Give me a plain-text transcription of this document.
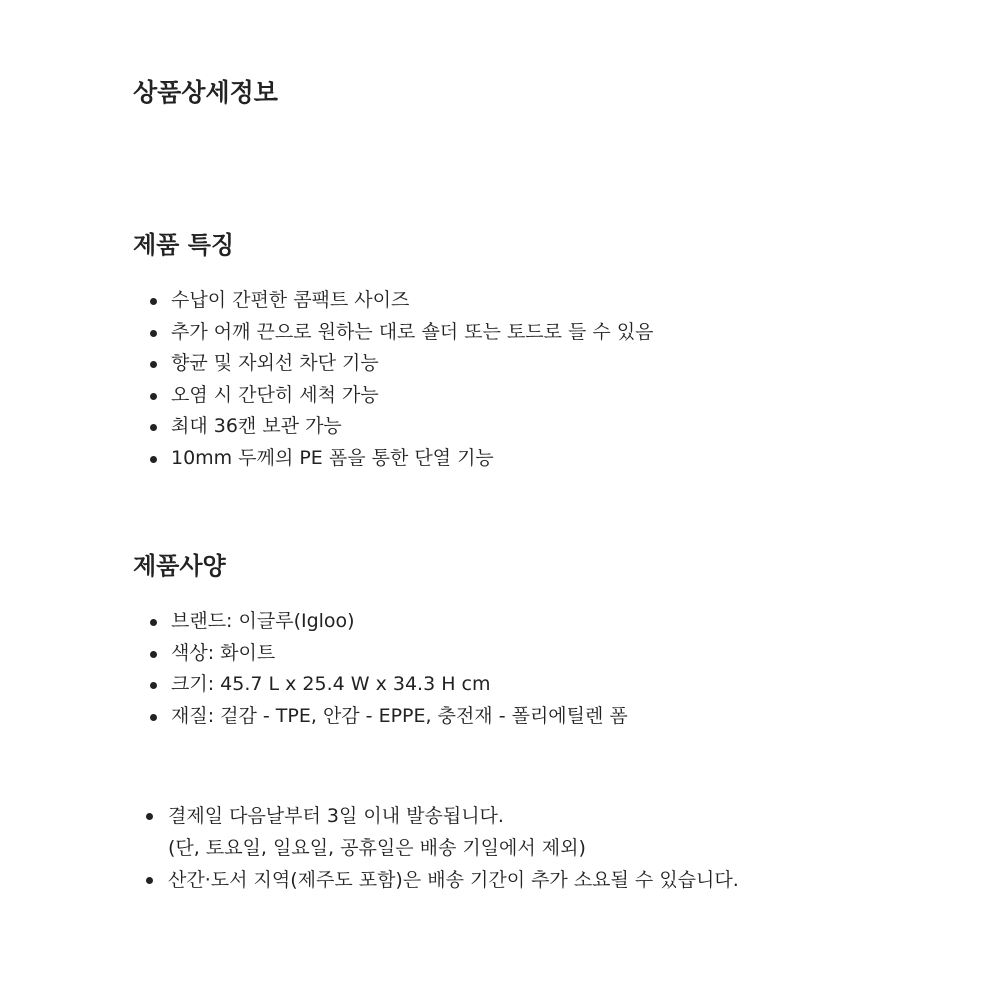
상품상세정보
제품 특징
수납이 간편한 콤팩트 사이즈
추가 어깨 끈으로 원하는 대로 숄더 또는 토드로 들 수 있음
향균 및 자외선 차단 기능
오염 시 간단히 세척 가능
최대 36캔 보관 가능
10mm 두께의 PE 폼을 통한 단열 기능
제품사양
브랜드: 이글루(Igloo)
색상: 화이트
크기: 45.7 L x 25.4 W x 34.3 H cm
재질: 겉감 - TPE, 안감 - EPPE, 충전재 - 폴리에틸렌 폼
결제일 다음날부터 3일 이내 발송됩니다.
(단, 토요일, 일요일, 공휴일은 배송 기일에서 제외)
산간·도서 지역(제주도 포함)은 배송 기간이 추가 소요될 수 있습니다.
